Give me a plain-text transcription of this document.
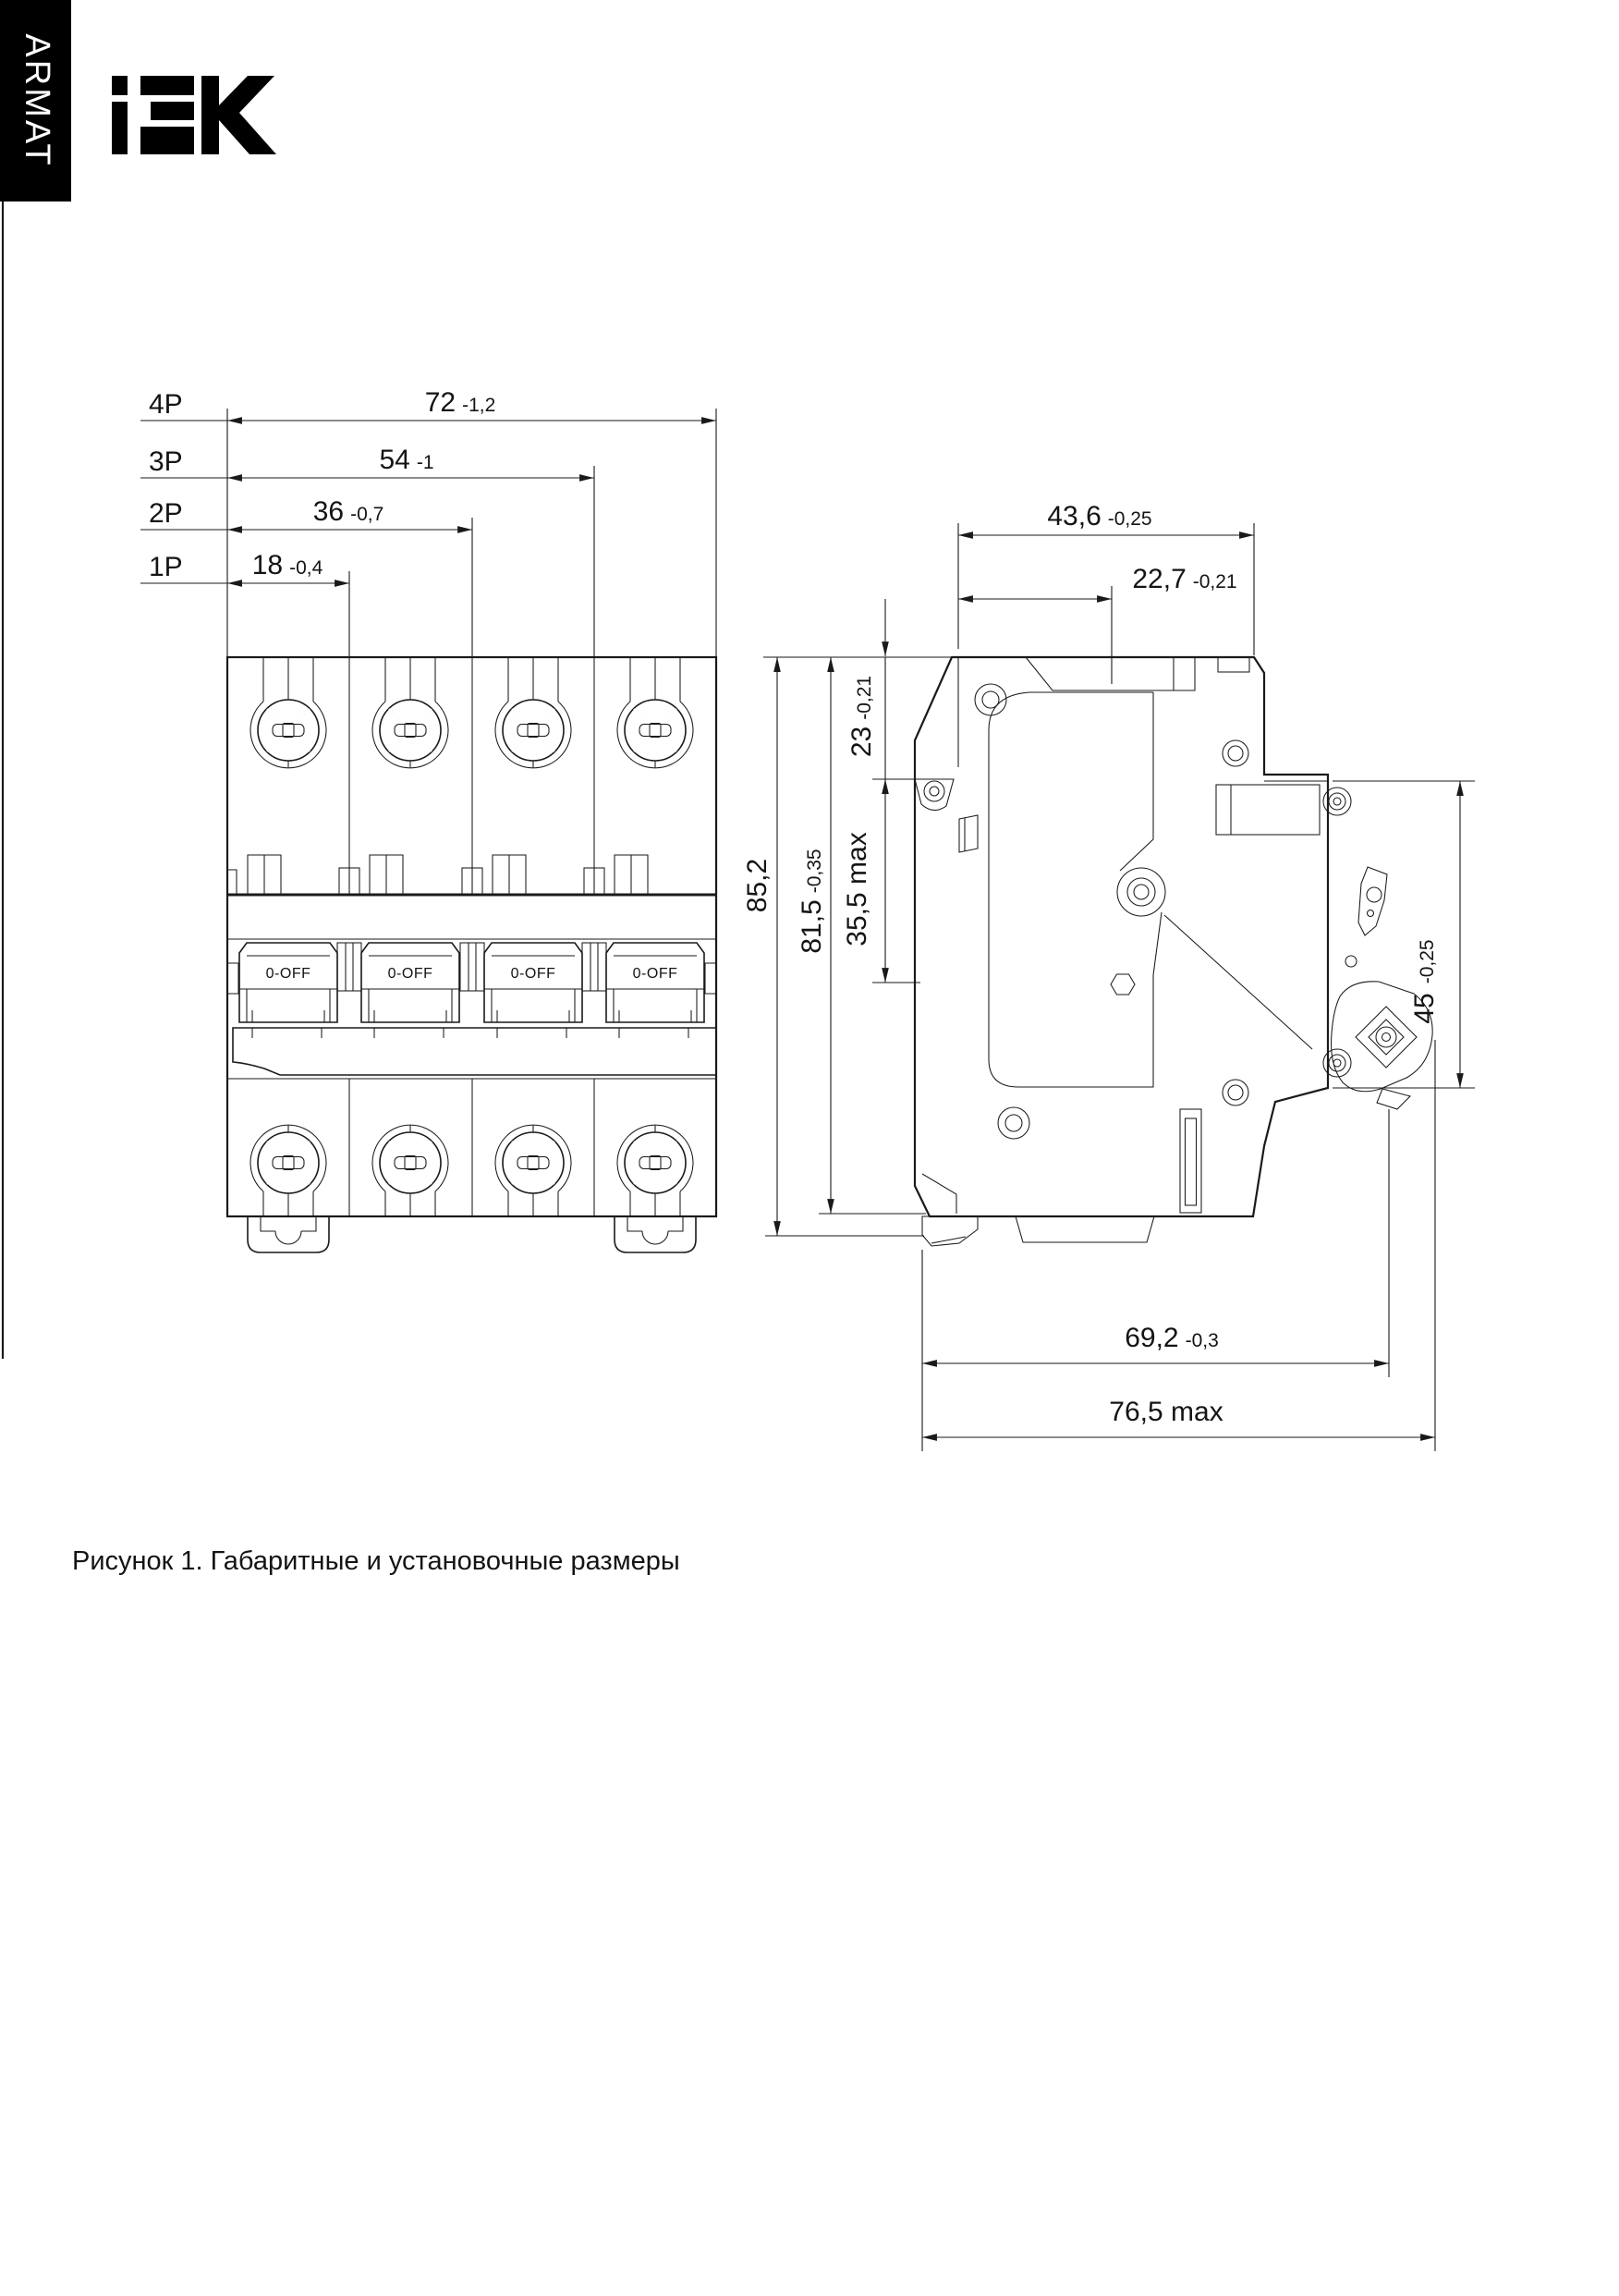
ARMAT
0-OFF	0-OFF	0-OFF	0-OFF
4P
3P
2P
1P
72 -1,2
54 -1
36 -0,7
18 -0,4
43,6 -0,25
22,7 -0,21
69,2 -0,3
76,5 max
85,2
81,5-0,35
23-0,21
35,5 max
45-0,25
Рисунок 1. Габаритные и установочные размеры
